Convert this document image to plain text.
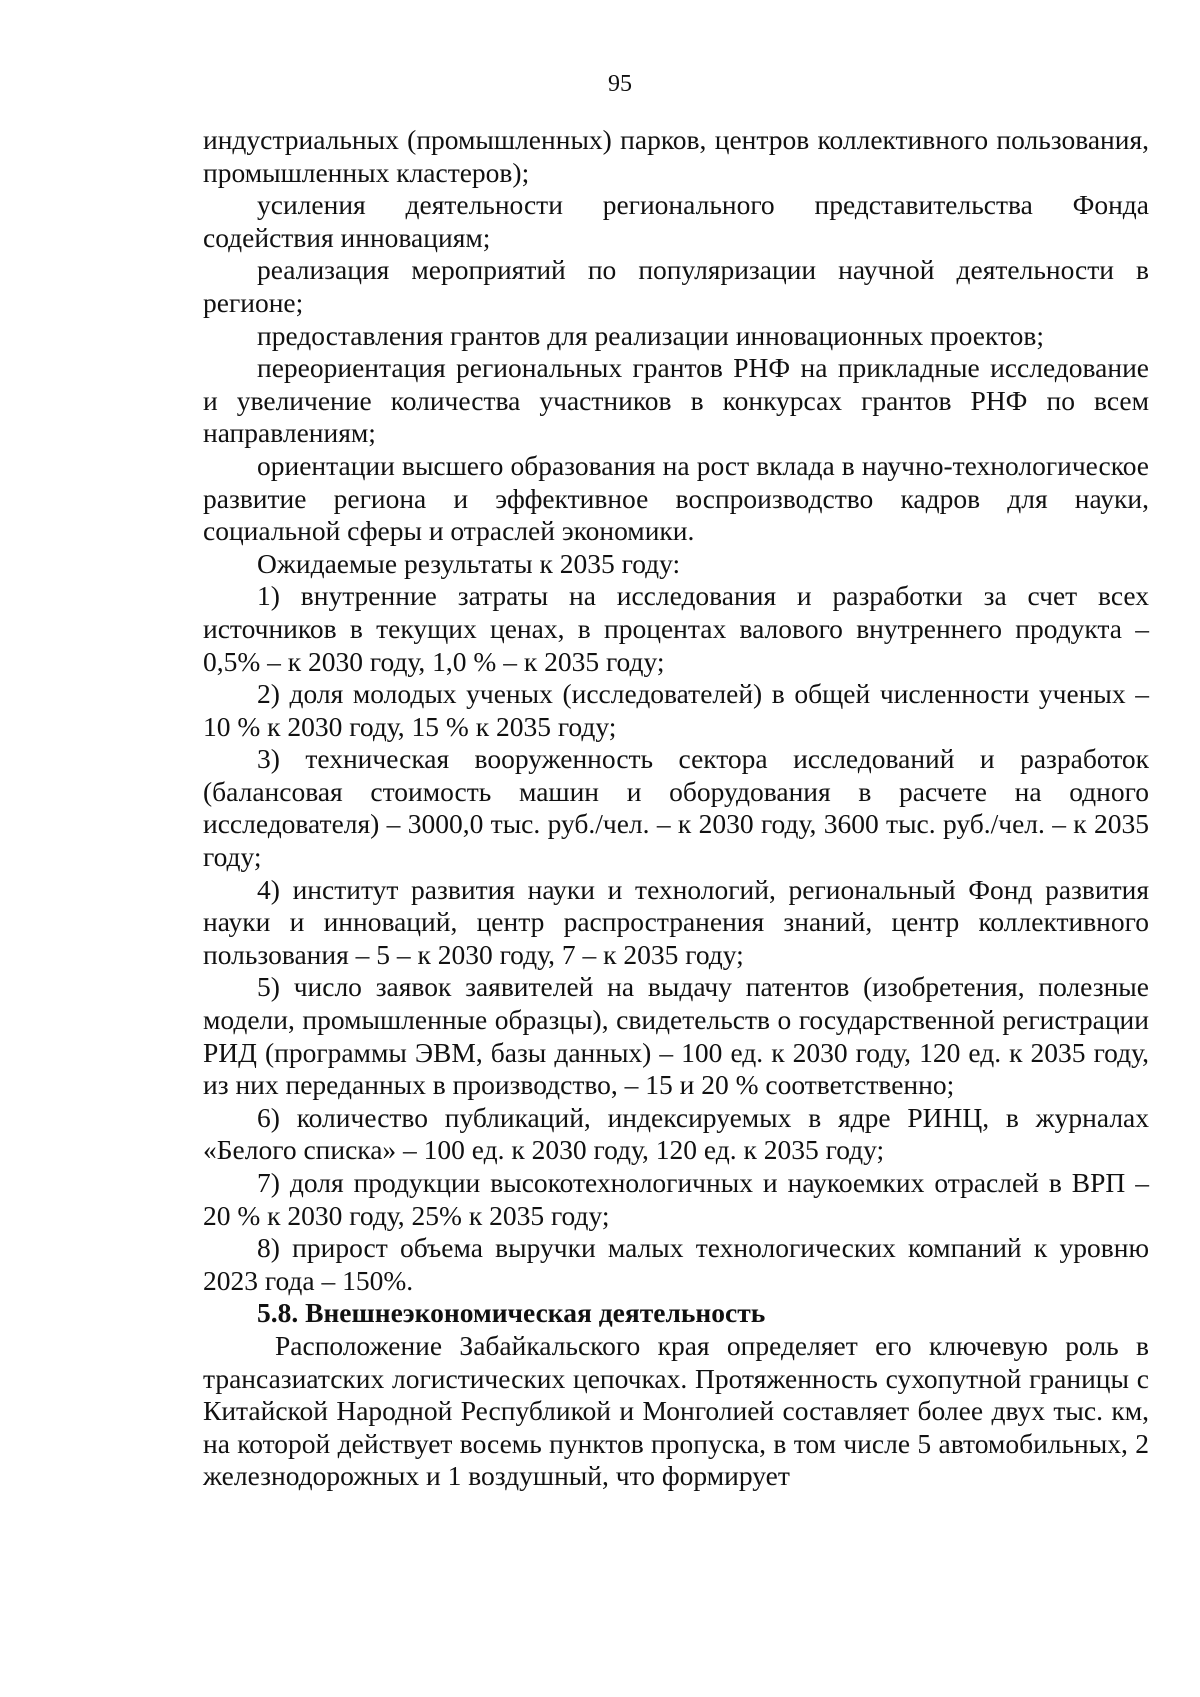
95

индустриальных (промышленных) парков, центров коллективного пользования, промышленных кластеров);

усиления деятельности регионального представительства Фонда содействия инновациям;

реализация мероприятий по популяризации научной деятельности в регионе;

предоставления грантов для реализации инновационных проектов;

переориентация региональных грантов РНФ на прикладные исследование и увеличение количества участников в конкурсах грантов РНФ по всем направлениям;

ориентации высшего образования на рост вклада в научно-технологическое развитие региона и эффективное воспроизводство кадров для науки, социальной сферы и отраслей экономики.

Ожидаемые результаты к 2035 году:

1) внутренние затраты на исследования и разработки за счет всех источников в текущих ценах, в процентах валового внутреннего продукта – 0,5% – к 2030 году, 1,0 % – к 2035 году;

2) доля молодых ученых (исследователей) в общей численности ученых – 10 % к 2030 году, 15 % к 2035 году;

3) техническая вооруженность сектора исследований и разработок (балансовая стоимость машин и оборудования в расчете на одного исследователя) – 3000,0 тыс. руб./чел. – к 2030 году, 3600 тыс. руб./чел. – к 2035 году;

4) институт развития науки и технологий, региональный Фонд развития науки и инноваций, центр распространения знаний, центр коллективного пользования – 5 – к 2030 году, 7 – к 2035 году;

5) число заявок заявителей на выдачу патентов (изобретения, полезные модели, промышленные образцы), свидетельств о государственной регистрации РИД (программы ЭВМ, базы данных) – 100 ед. к 2030 году, 120 ед. к 2035 году, из них переданных в производство, – 15 и 20 % соответственно;

6) количество публикаций, индексируемых в ядре РИНЦ, в журналах «Белого списка» – 100 ед. к 2030 году, 120 ед. к 2035 году;

7) доля продукции высокотехнологичных и наукоемких отраслей в ВРП – 20 % к 2030 году, 25% к 2035 году;

8) прирост объема выручки малых технологических компаний к уровню 2023 года – 150%.

5.8. Внешнеэкономическая деятельность

Расположение Забайкальского края определяет его ключевую роль в трансазиатских логистических цепочках. Протяженность сухопутной границы с Китайской Народной Республикой и Монголией составляет более двух тыс. км, на которой действует восемь пунктов пропуска, в том числе 5 автомобильных, 2 железнодорожных и 1 воздушный, что формирует
